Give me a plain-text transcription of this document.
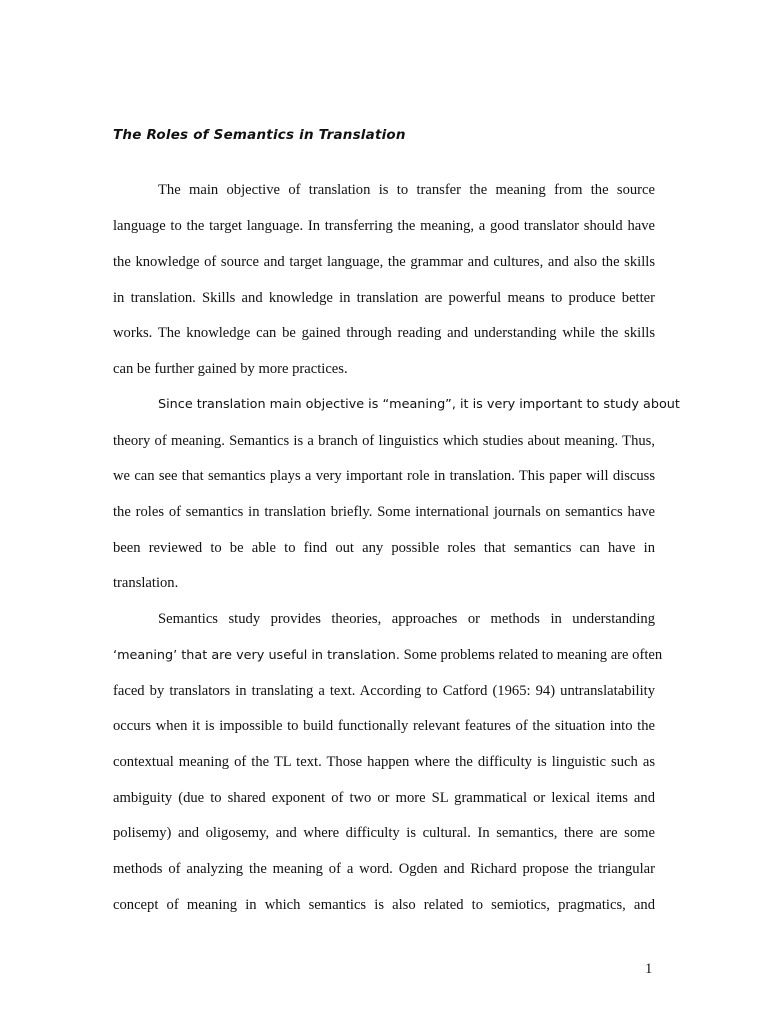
The Roles of Semantics in Translation
The main objective of translation is to transfer the meaning from the source
language to the target language. In transferring the meaning, a good translator should have
the knowledge of source and target language, the grammar and cultures, and also the skills
in translation. Skills and knowledge in translation are powerful means to produce better
works. The knowledge can be gained through reading and understanding while the skills
can be further gained by more practices.
Since translation main objective is “meaning”, it is very important to study about
theory of meaning. Semantics is a branch of linguistics which studies about meaning. Thus,
we can see that semantics plays a very important role in translation. This paper will discuss
the roles of semantics in translation briefly. Some international journals on semantics have
been reviewed to be able to find out any possible roles that semantics can have in
translation.
Semantics study provides theories, approaches or methods in understanding
‘meaning’ that are very useful in translation. Some problems related to meaning are often
faced by translators in translating a text. According to Catford (1965: 94) untranslatability
occurs when it is impossible to build functionally relevant features of the situation into the
contextual meaning of the TL text. Those happen where the difficulty is linguistic such as
ambiguity (due to shared exponent of two or more SL grammatical or lexical items and
polisemy) and oligosemy, and where difficulty is cultural. In semantics, there are some
methods of analyzing the meaning of a word. Ogden and Richard propose the triangular
concept of meaning in which semantics is also related to semiotics, pragmatics, and
1
